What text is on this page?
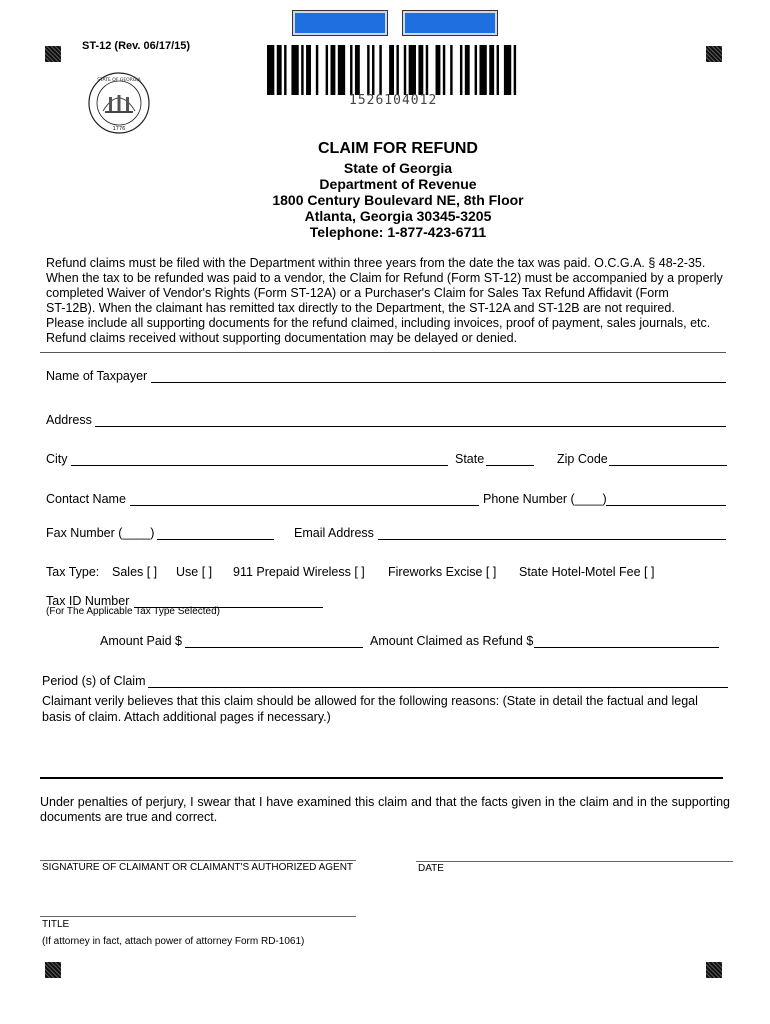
ST-12 (Rev. 06/17/15)
STATE OF GEORGIA
1776
1526104012
CLAIM FOR REFUND
State of Georgia
Department of Revenue
1800 Century Boulevard NE, 8th Floor
Atlanta, Georgia 30345-3205
Telephone: 1-877-423-6711
Refund claims must be filed with the Department within three years from the date the tax was paid. O.C.G.A. § 48-2-35.
When the tax to be refunded was paid to a vendor, the Claim for Refund (Form ST-12) must be accompanied by a properly
completed Waiver of Vendor's Rights (Form ST-12A) or a Purchaser's Claim for Sales Tax Refund Affidavit (Form
ST-12B). When the claimant has remitted tax directly to the Department, the ST-12A and ST-12B are not required.
Please include all supporting documents for the refund claimed, including invoices, proof of payment, sales journals, etc.
Refund claims received without supporting documentation may be delayed or denied.
Name of Taxpayer
Address
City	State	Zip Code
Contact Name	Phone Number (____)
Fax Number (____)	Email Address
Tax Type: Sales [ ] Use [ ] 911 Prepaid Wireless [ ] Fireworks Excise [ ] State Hotel-Motel Fee [ ]
Tax ID Number
(For The Applicable Tax Type Selected)
Amount Paid $	Amount Claimed as Refund $
Period (s) of Claim
Claimant verily believes that this claim should be allowed for the following reasons: (State in detail the factual and legal
basis of claim. Attach additional pages if necessary.)
Under penalties of perjury, I swear that I have examined this claim and that the facts given in the claim and in the supporting documents are true and correct.
SIGNATURE OF CLAIMANT OR CLAIMANT'S AUTHORIZED AGENT	DATE
TITLE
(If attorney in fact, attach power of attorney Form RD-1061)
